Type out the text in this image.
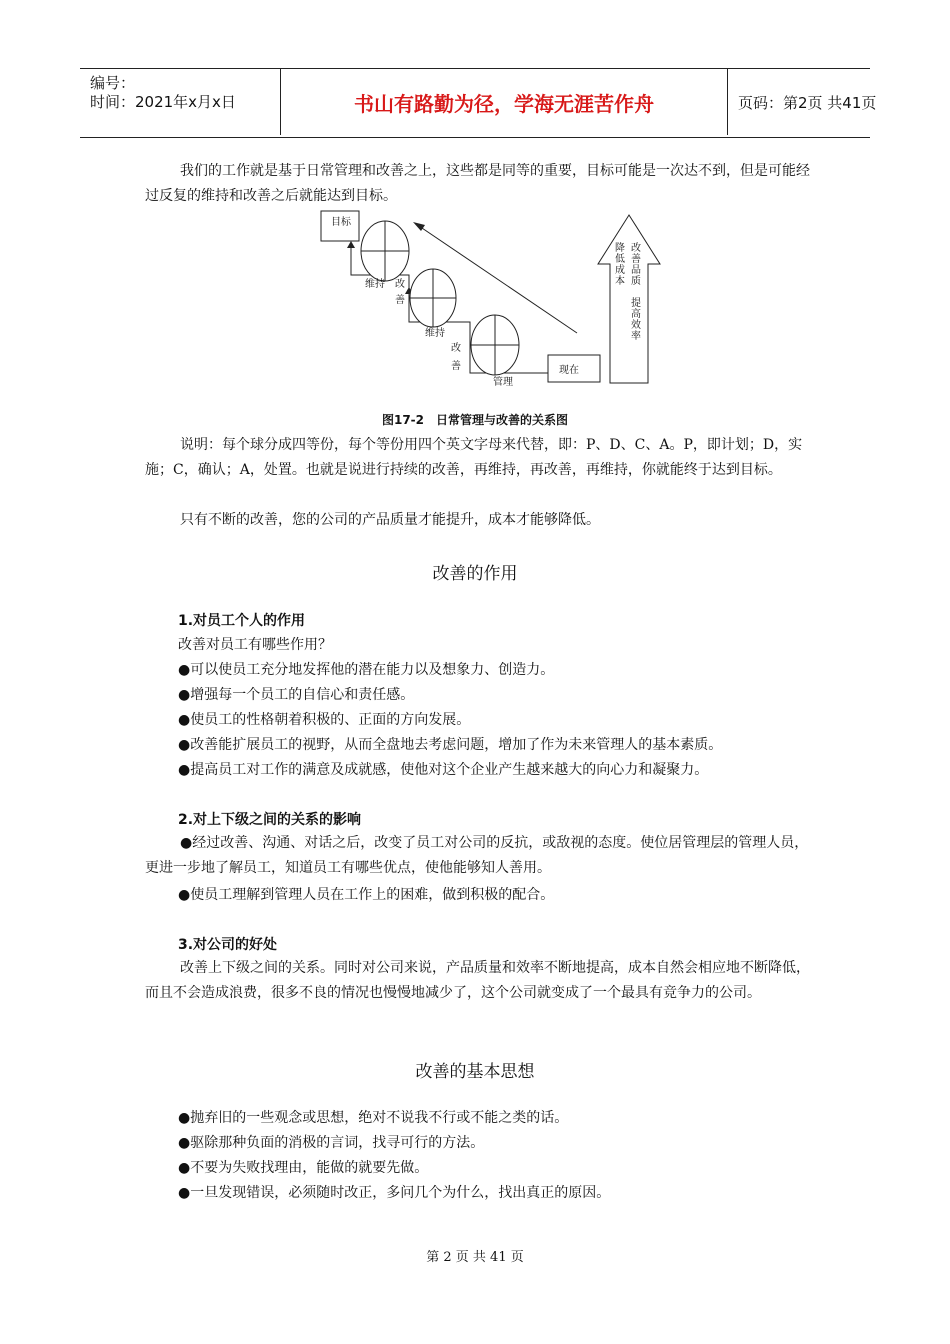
编号：
时间：2021年x月x日	书山有路勤为径，学海无涯苦作舟	页码：第2页 共41页
我们的工作就是基于日常管理和改善之上，这些都是同等的重要，目标可能是一次达不到，但是可能经过反复的维持和改善之后就能达到目标。
目标
现在
维持 改
善
维持
改
善
管理
降
低
成
本
改
善
品
质
提
高
效
率
图17-2　日常管理与改善的关系图
说明：每个球分成四等份，每个等份用四个英文字母来代替，即：P、D、C、A。P，即计划；D，实施；C，确认；A，处置。也就是说进行持续的改善，再维持，再改善，再维持，你就能终于达到目标。
只有不断的改善，您的公司的产品质量才能提升，成本才能够降低。
改善的作用
1.对员工个人的作用
改善对员工有哪些作用？
●可以使员工充分地发挥他的潜在能力以及想象力、创造力。
●增强每一个员工的自信心和责任感。
●使员工的性格朝着积极的、正面的方向发展。
●改善能扩展员工的视野，从而全盘地去考虑问题，增加了作为未来管理人的基本素质。
●提高员工对工作的满意及成就感，使他对这个企业产生越来越大的向心力和凝聚力。
2.对上下级之间的关系的影响
●经过改善、沟通、对话之后，改变了员工对公司的反抗，或敌视的态度。使位居管理层的管理人员，更进一步地了解员工，知道员工有哪些优点，使他能够知人善用。
●使员工理解到管理人员在工作上的困难，做到积极的配合。
3.对公司的好处
改善上下级之间的关系。同时对公司来说，产品质量和效率不断地提高，成本自然会相应地不断降低，而且不会造成浪费，很多不良的情况也慢慢地减少了，这个公司就变成了一个最具有竞争力的公司。
改善的基本思想
●抛弃旧的一些观念或思想，绝对不说我不行或不能之类的话。
●驱除那种负面的消极的言词，找寻可行的方法。
●不要为失败找理由，能做的就要先做。
●一旦发现错误，必须随时改正，多问几个为什么，找出真正的原因。
第 2 页 共 41 页
